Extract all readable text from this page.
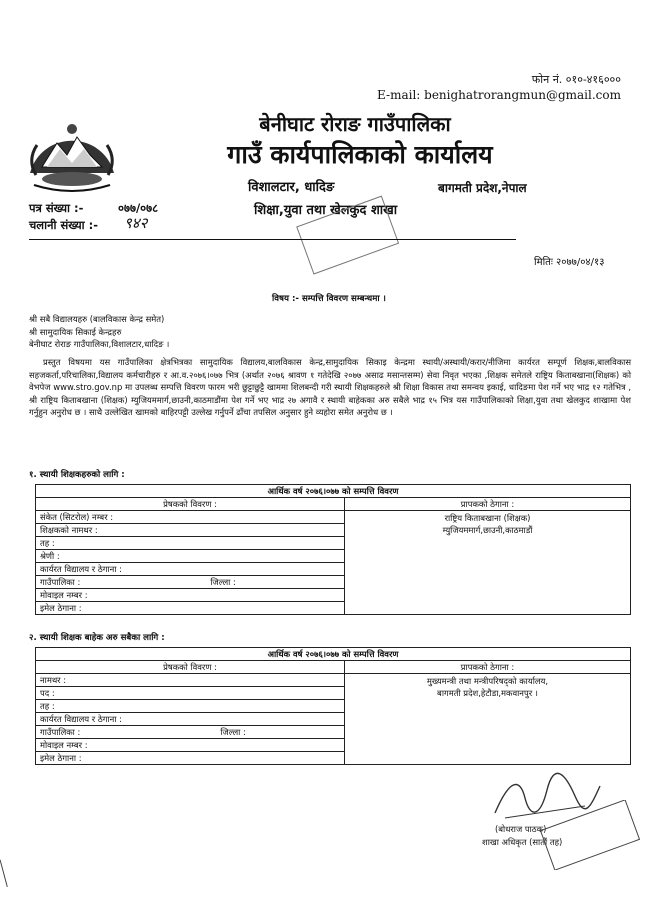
फोन नं. ०१०-४१६०००
E-mail: benighatrorangmun@gmail.com
बेनीघाट रोराङ गाउँपालिका
गाउँ कार्यपालिकाको कार्यालय
विशालटार, धादिङ	बागमती प्रदेश,नेपाल
शिक्षा,युवा तथा खेलकुद शाखा
पत्र संख्या :-	०७७/०७८
चलानी संख्या :- ९४२
मितिः २०७७/०४/१३
विषय :- सम्पत्ति विवरण सम्बन्धमा ।
श्री सबै विद्यालयहरु (बालविकास केन्द्र समेत)
श्री सामुदायिक सिकाई केन्द्रहरु
बेनीघाट रोराङ गाउँपालिका,विशालटार,धादिङ ।
प्रस्तुत विषयमा यस गाउँपालिका क्षेत्रभित्रका सामुदायिक विद्यालय,बालविकास केन्द्र,सामुदायिक सिकाइ केन्द्रमा स्थायी/अस्थायी/करार/नीजिमा कार्यरत सम्पूर्ण शिक्षक,बालविकास सहजकर्ता,परिचालिका,विद्यालय कर्मचारीहरु र आ.व.२०७६।०७७ भित्र (अर्थात २०७६ श्रावण १ गतेदेखि २०७७ असाढ मसान्तसम्म) सेवा निवृत भएका ,शिक्षक समेतले राष्ट्रिय किताबखाना(शिक्षक) को वेभपेज www.stro.gov.np मा उपलब्ध सम्पत्ति विवरण फारम भरी छुट्टाछुट्टै खाममा शिलबन्दी गरी स्थायी शिक्षकहरुले श्री शिक्षा विकास तथा समन्वय इकाई, धादिङमा पेश गर्ने भए भाद्र १२ गतेभित्र , श्री राष्ट्रिय किताबखाना (शिक्षक) म्युजियममार्ग,छाउनी,काठमाडौंमा पेश गर्ने भए भाद्र २७ अगावै र स्थायी बाहेकका अरु सबैले भाद्र १५ भित्र यस गाउँपालिकाको शिक्षा,युवा तथा खेलकुद शाखामा पेश गर्नुहुन अनुरोध छ । साथै उल्लेखित खामको बाहिरपट्टी उल्लेख गर्नुपर्ने ढाँचा तपसिल अनुसार हुने व्यहोरा समेत अनुरोध छ ।
१. स्थायी शिक्षकहरुको लागि :
आर्थिक वर्ष २०७६।०७७ को सम्पत्ति विवरण	
प्रेषकको विवरण :	प्रापकको ठेगाना :
संकेत (सिटरोल) नम्बर :	राष्ट्रिय किताबखाना (शिक्षक)
म्युजियममार्ग,छाउनी,काठमाडौं

शिक्षकको नामथर :	
तह :	
श्रेणी :	
कार्यरत विद्यालय र ठेगाना :	
गाउँपालिका : जिल्ला :	

मोवाइल नम्बर :	
इमेल ठेगाना :	
२. स्थायी शिक्षक बाहेक अरु सबैका लागि :
आर्थिक वर्ष २०७६।०७७ को सम्पत्ति विवरण	
प्रेषकको विवरण :	प्रापकको ठेगाना :
नामथर :	मुख्यमन्त्री तथा मन्त्रीपरिषद्‌को कार्यालय,
बागमती प्रदेश,हेटौडा,मकवानपुर ।

पद :	
तह :	
कार्यरत विद्यालय र ठेगाना :	
गाउँपालिका : जिल्ला :	

मोवाइल नम्बर :	
इमेल ठेगाना :	
(बोधराज पाठक)
शाखा अधिकृत (सातौं तह)
